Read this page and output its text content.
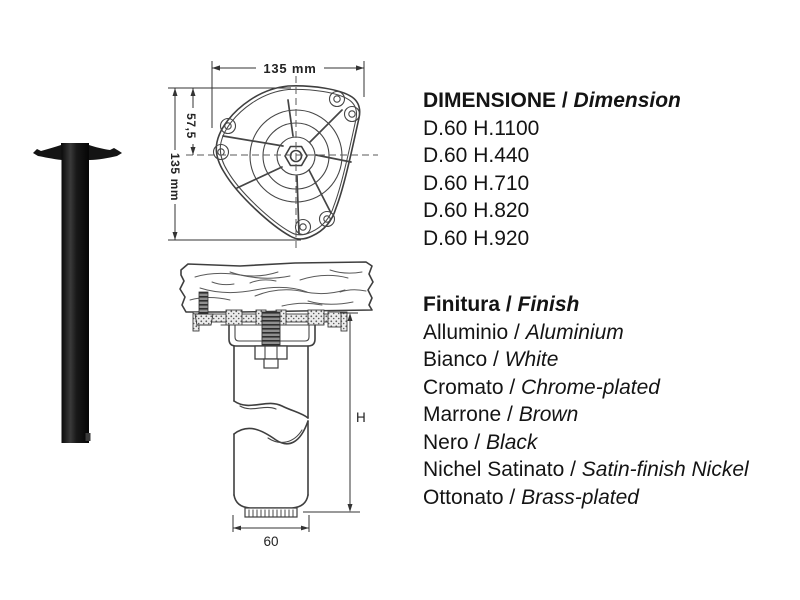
135 mm
57,5
135 mm
H
60
DIMENSIONE / Dimension
D.60 H.1100
D.60 H.440
D.60 H.710
D.60 H.820
D.60 H.920
Finitura / Finish
Alluminio / Aluminium
Bianco / White
Cromato / Chrome-plated
Marrone / Brown
Nero / Black
Nichel Satinato / Satin-finish Nickel
Ottonato / Brass-plated
